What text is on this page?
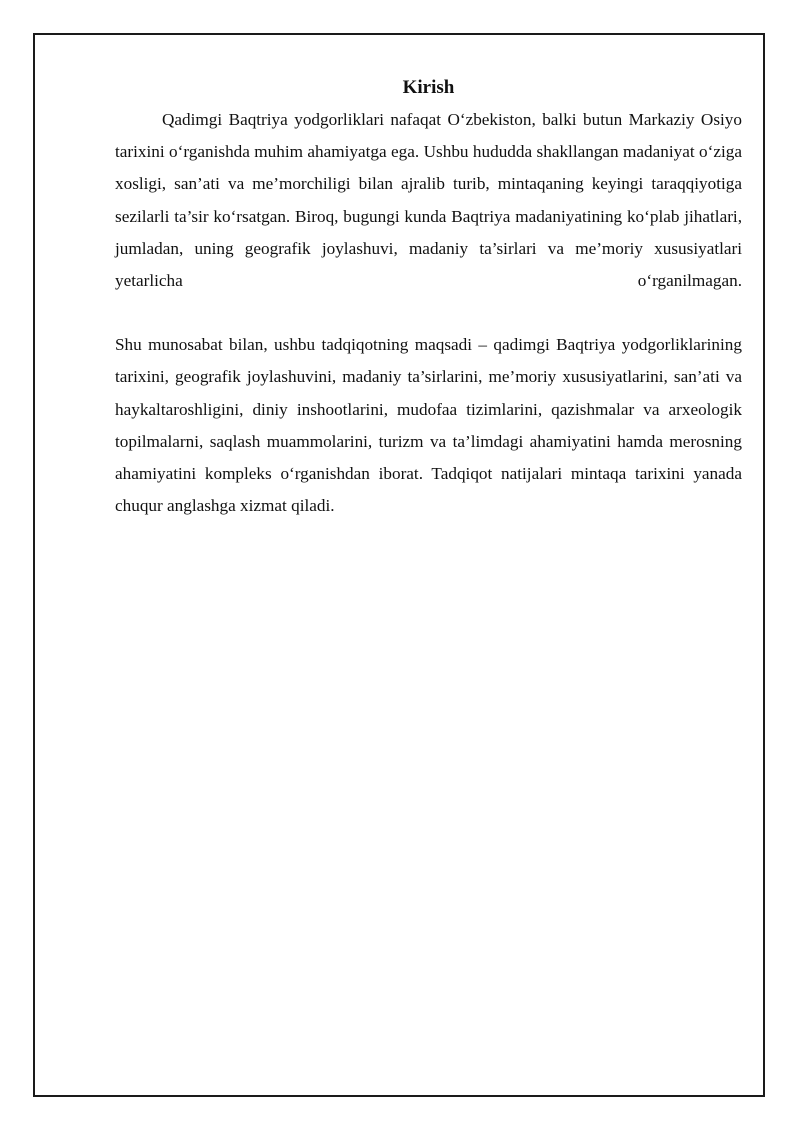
Kirish

Qadimgi Baqtriya yodgorliklari nafaqat O‘zbekiston, balki butun Markaziy Osiyo tarixini o‘rganishda muhim ahamiyatga ega. Ushbu hududda shakllangan madaniyat o‘ziga xosligi, san’ati va me’morchiligi bilan ajralib turib, mintaqaning keyingi taraqqiyotiga sezilarli ta’sir ko‘rsatgan. Biroq, bugungi kunda Baqtriya madaniyatining ko‘plab jihatlari, jumladan, uning geografik joylashuvi, madaniy ta’sirlari va me’moriy xususiyatlari yetarlicha o‘rganilmagan.

Shu munosabat bilan, ushbu tadqiqotning maqsadi – qadimgi Baqtriya yodgorliklarining tarixini, geografik joylashuvini, madaniy ta’sirlarini, me’moriy xususiyatlarini, san’ati va haykaltaroshligini, diniy inshootlarini, mudofaa tizimlarini, qazishmalar va arxeologik topilmalarni, saqlash muammolarini, turizm va ta’limdagi ahamiyatini hamda merosning ahamiyatini kompleks o‘rganishdan iborat. Tadqiqot natijalari mintaqa tarixini yanada chuqur anglashga xizmat qiladi.
